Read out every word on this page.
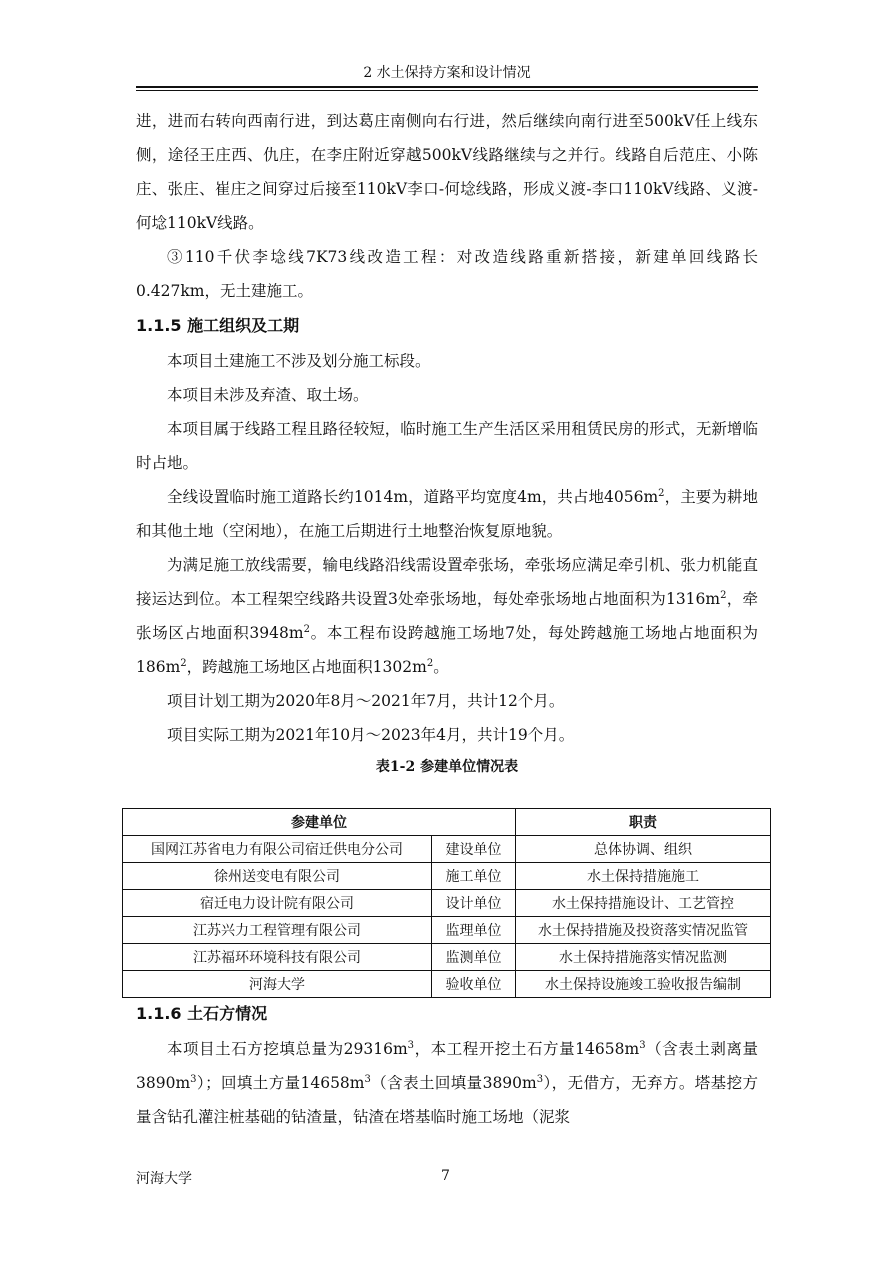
2 水土保持方案和设计情况

进，进而右转向西南行进，到达葛庄南侧向右行进，然后继续向南行进至500kV任上线东侧，途径王庄西、仇庄，在李庄附近穿越500kV线路继续与之并行。线路自后范庄、小陈庄、张庄、崔庄之间穿过后接至110kV李口-何埝线路，形成义渡-李口110kV线路、义渡-何埝110kV线路。

③110千伏李埝线7K73线改造工程：对改造线路重新搭接，新建单回线路长0.427km，无土建施工。

1.1.5 施工组织及工期

本项目土建施工不涉及划分施工标段。

本项目未涉及弃渣、取土场。

本项目属于线路工程且路径较短，临时施工生产生活区采用租赁民房的形式，无新增临时占地。

全线设置临时施工道路长约1014m，道路平均宽度4m，共占地$4056m^2$，主要为耕地和其他土地（空闲地），在施工后期进行土地整治恢复原地貌。

为满足施工放线需要，输电线路沿线需设置牵张场，牵张场应满足牵引机、张力机能直接运达到位。本工程架空线路共设置3处牵张场地，每处牵张场地占地面积为$1316m^2$，牵张场区占地面积$3948m^2$。本工程布设跨越施工场地7处，每处跨越施工场地占地面积为$186m^2$，跨越施工场地区占地面积$1302m^2$。

项目计划工期为2020年8月～2021年7月，共计12个月。

项目实际工期为2021年10月～2023年4月，共计19个月。

表1-2 参建单位情况表
参建单位		职责
国网江苏省电力有限公司宿迁供电分公司	建设单位	总体协调、组织
徐州送变电有限公司	施工单位	水土保持措施施工
宿迁电力设计院有限公司	设计单位	水土保持措施设计、工艺管控
江苏兴力工程管理有限公司	监理单位	水土保持措施及投资落实情况监管
江苏福环环境科技有限公司	监测单位	水土保持措施落实情况监测
河海大学	验收单位	水土保持设施竣工验收报告编制
1.1.6 土石方情况

本项目土石方挖填总量为$29316m^3$，本工程开挖土石方量$14658m^3$（含表土剥离量$3890m^3$）；回填土方量$14658m^3$（含表土回填量$3890m^3$），无借方，无弃方。塔基挖方量含钻孔灌注桩基础的钻渣量，钻渣在塔基临时施工场地（泥浆

河海大学	7
